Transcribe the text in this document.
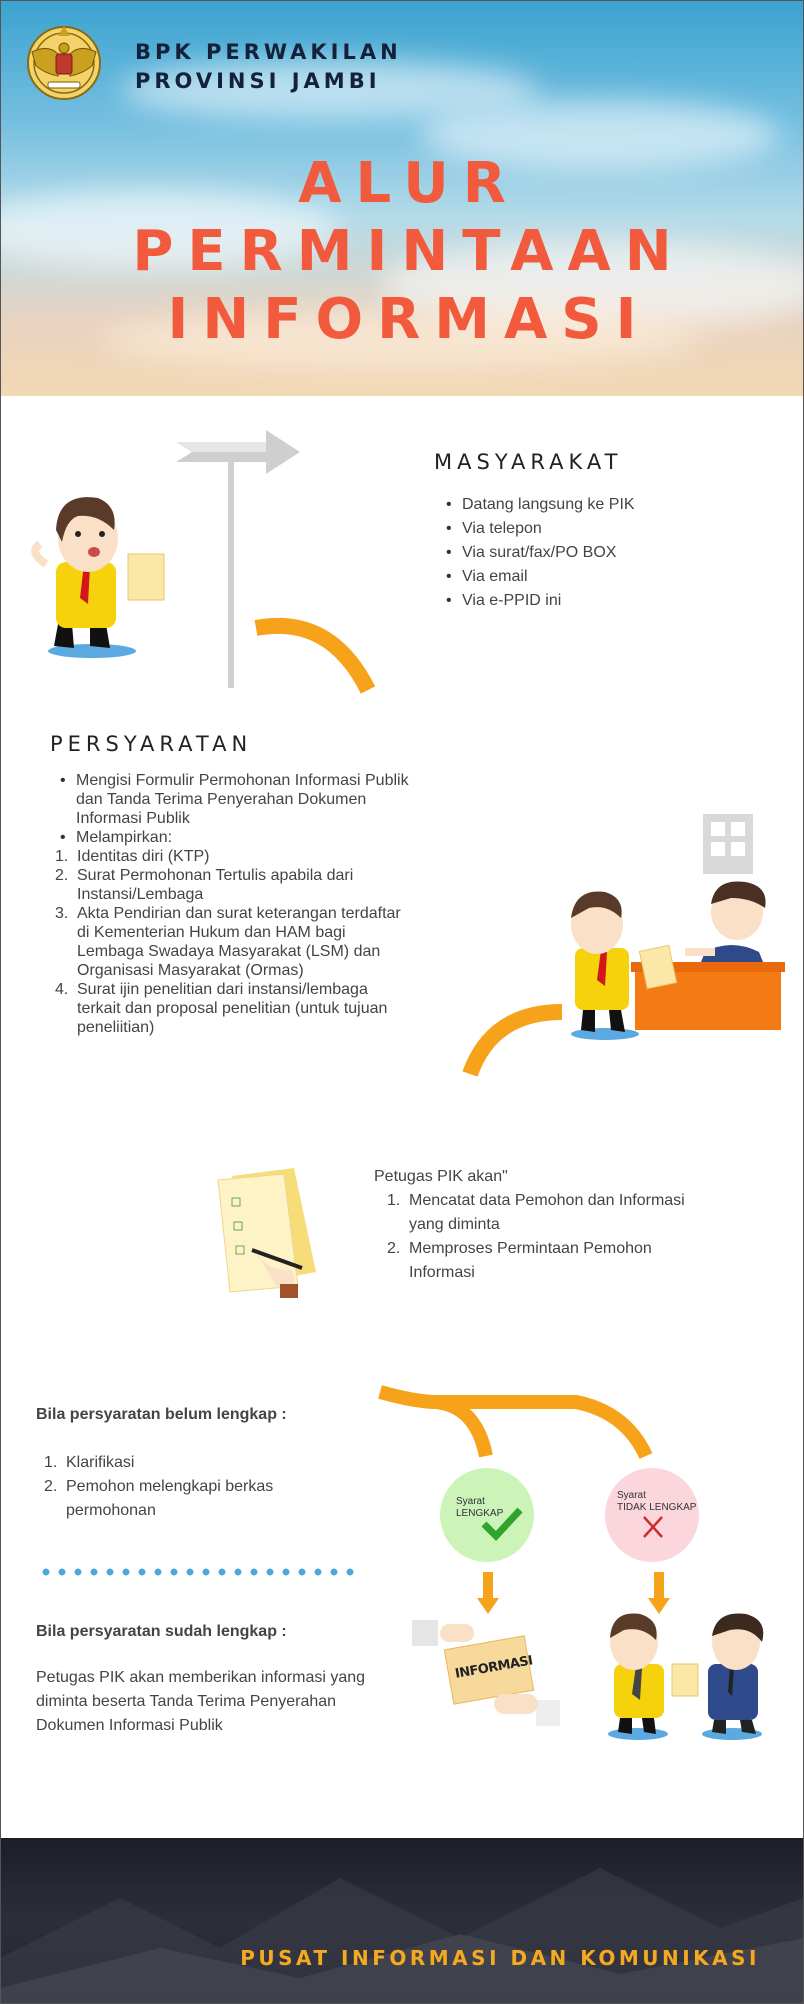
BPK PERWAKILAN
PROVINSI JAMBI
ALUR
PERMINTAAN
INFORMASI
MASYARAKAT
• Datang langsung ke PIK
• Via telepon
• Via surat/fax/PO BOX
• Via email
• Via e-PPID ini
PERSYARATAN
• Mengisi Formulir Permohonan Informasi Publik dan Tanda Terima Penyerahan Dokumen Informasi Publik
• Melampirkan:
1. Identitas diri (KTP)
2. Surat Permohonan Tertulis apabila dari Instansi/Lembaga
3. Akta Pendirian dan surat keterangan terdaftar di Kementerian Hukum dan HAM bagi Lembaga Swadaya Masyarakat (LSM) dan Organisasi Masyarakat (Ormas)
4. Surat ijin penelitian dari instansi/lembaga terkait dan proposal penelitian (untuk tujuan peneliitian)
Petugas PIK akan"
1. Mencatat data Pemohon dan Informasi yang diminta
2. Memproses Permintaan Pemohon Informasi
Bila persyaratan belum lengkap :
1. Klarifikasi
2. Pemohon melengkapi berkas permohonan
Bila persyaratan sudah lengkap :
Petugas PIK akan memberikan informasi yang diminta beserta Tanda Terima Penyerahan Dokumen Informasi Publik
Syarat
LENGKAP
Syarat
TIDAK LENGKAP
INFORMASI
PUSAT INFORMASI DAN KOMUNIKASI
